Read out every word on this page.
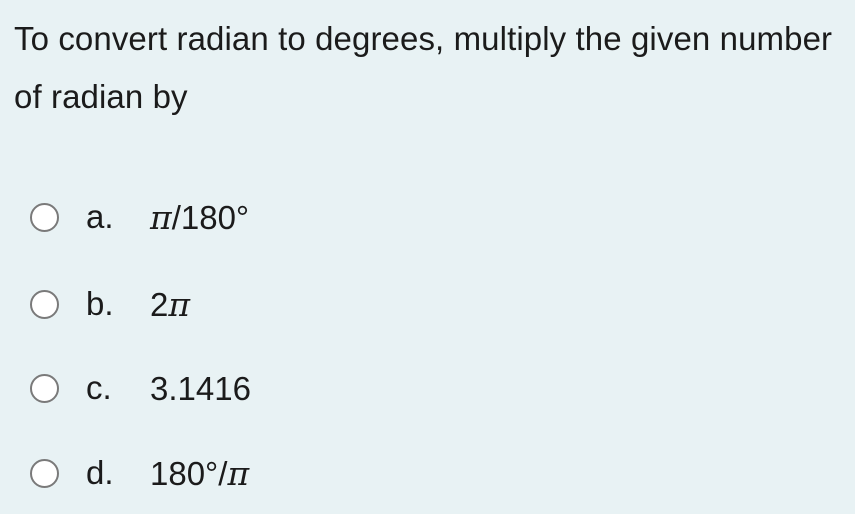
To convert radian to degrees, multiply the given number of radian by
a.	π/180°
b.	2π
c.	3.1416
d.	180°/π
